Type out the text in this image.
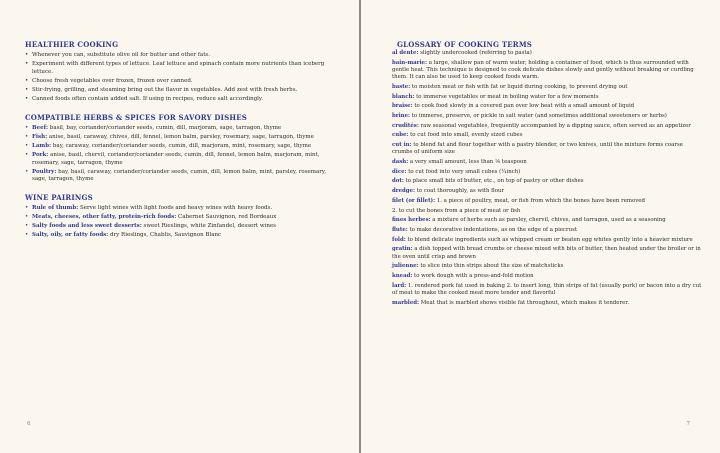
HEALTHIER COOKING
• Whenever you can, substitute olive oil for butter and other fats.
• Experiment with different types of lettuce. Leaf lettuce and spinach contain more nutrients than iceberg lettuce.
• Choose fresh vegetables over frozen, frozen over canned.
• Stir-frying, grilling, and steaming bring out the flavor in vegetables. Add zest with fresh herbs.
• Canned foods often contain added salt. If using in recipes, reduce salt accordingly.
COMPATIBLE HERBS & SPICES FOR SAVORY DISHES
• Beef: basil, bay, coriander/coriander seeds, cumin, dill, marjoram, sage, tarragon, thyme
• Fish: anise, basil, caraway, chives, dill, fennel, lemon balm, parsley, rosemary, sage, tarragon, thyme
• Lamb: bay, caraway, coriander/coriander seeds, cumin, dill, marjoram, mint, rosemary, sage, thyme
• Pork: anise, basil, chervil, coriander/coriander seeds, cumin, dill, fennel, lemon balm, marjoram, mint, rosemary, sage, tarragon, thyme
• Poultry: bay, basil, caraway, coriander/coriander seeds, cumin, dill, lemon balm, mint, parsley, rosemary, sage, tarragon, thyme
WINE PAIRINGS
• Rule of thumb: Serve light wines with light foods and heavy wines with heavy foods.
• Meats, cheeses, other fatty, protein-rich foods: Cabernet Sauvignon, red Bordeaux
• Salty foods and less sweet desserts: sweet Rieslings, white Zinfandel, dessert wines
• Salty, oily, or fatty foods: dry Rieslings, Chablis, Sauvignon Blanc
6
GLOSSARY OF COOKING TERMS
al dente: slightly undercooked (referring to pasta)
bain-marie: a large, shallow pan of warm water, holding a container of food, which is thus surrounded with gentle heat. This technique is designed to cook delicate dishes slowly and gently without breaking or curdling them. It can also be used to keep cooked foods warm.
baste: to moisten meat or fish with fat or liquid during cooking, to prevent drying out
blanch: to immerse vegetables or meat in boiling water for a few moments
braise: to cook food slowly in a covered pan over low heat with a small amount of liquid
brine: to immerse, preserve, or pickle in salt water (and sometimes additional sweeteners or herbs)
crudités: raw seasonal vegetables, frequently accompanied by a dipping sauce, often served as an appetizer
cube: to cut food into small, evenly sized cubes
cut in: to blend fat and flour together with a pastry blender, or two knives, until the mixture forms coarse crumbs of uniform size
dash: a very small amount, less than ⅛ teaspoon
dice: to cut food into very small cubes (¼inch)
dot: to place small bits of butter, etc., on top of pastry or other dishes
dredge: to coat thoroughly, as with flour
filet (or fillet): 1. a piece of poultry, meat, or fish from which the bones have been removed
2. to cut the bones from a piece of meat or fish
fines herbes: a mixture of herbs such as parsley, chervil, chives, and tarragon, used as a seasoning
flute: to make decorative indentations, as on the edge of a piecrust
fold: to blend delicate ingredients such as whipped cream or beaten egg whites gently into a heavier mixture
gratin: a dish topped with bread crumbs or cheese mixed with bits of butter, then heated under the broiler or in the oven until crisp and brown
julienne: to slice into thin strips about the size of matchsticks
knead: to work dough with a press-and-fold motion
lard: 1. rendered pork fat used in baking 2. to insert long, thin strips of fat (usually pork) or bacon into a dry cut of meat to make the cooked meat more tender and flavorful
marbled: Meat that is marbled shows visible fat throughout, which makes it tenderer.
7
